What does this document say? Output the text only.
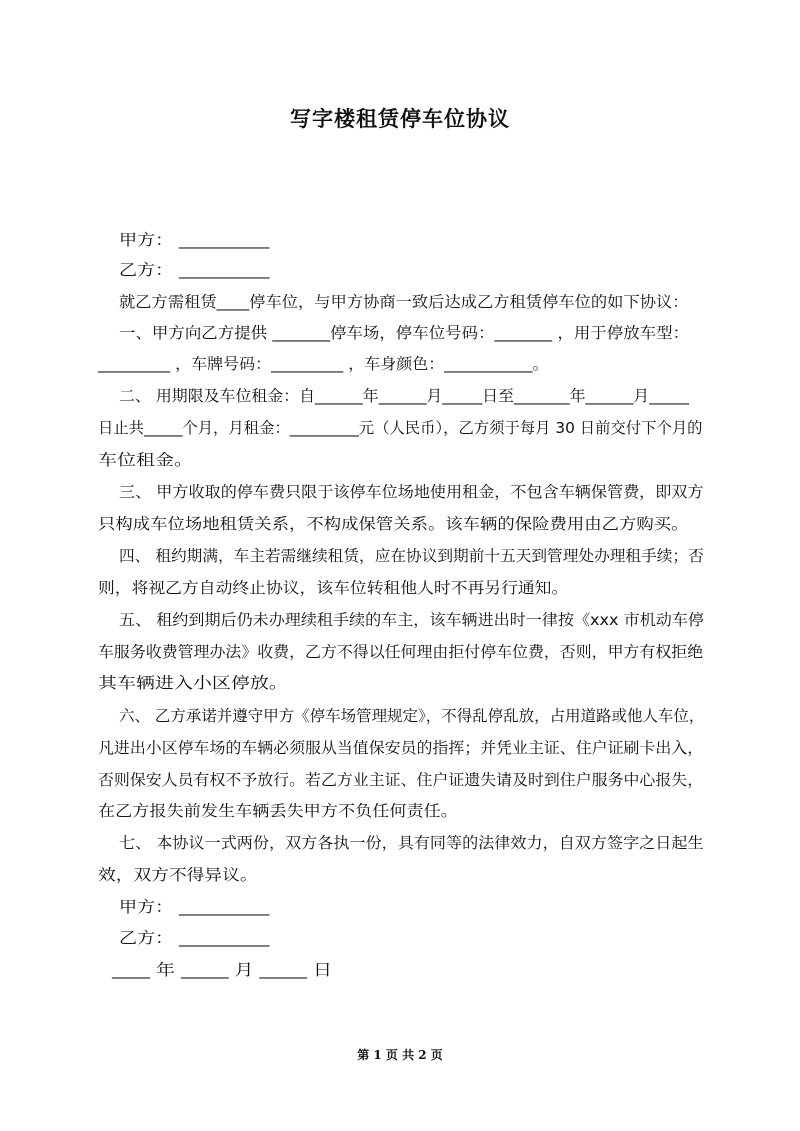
写字楼租赁停车位协议
甲方： __________
乙方： __________
就乙方需租赁____停车位，与甲方协商一致后达成乙方租赁停车位的如下协议：
一、甲方向乙方提供 _______停车场，停车位号码：_______ ，用于停放车型：
_________ ，车牌号码：_________ ，车身颜色：___________。
二、 用期限及车位租金：自______年______月_____日至_______年______月_____
日止共_____个月，月租金：_________元（人民币），乙方须于每月 30 日前交付下个月的
车位租金。
三、 甲方收取的停车费只限于该停车位场地使用租金，不包含车辆保管费，即双方
只构成车位场地租赁关系，不构成保管关系。该车辆的保险费用由乙方购买。
四、 租约期满，车主若需继续租赁，应在协议到期前十五天到管理处办理租手续；否
则，将视乙方自动终止协议，该车位转租他人时不再另行通知。
五、 租约到期后仍未办理续租手续的车主，该车辆进出时一律按《xxx 市机动车停
车服务收费管理办法》收费，乙方不得以任何理由拒付停车位费，否则，甲方有权拒绝
其车辆进入小区停放。
六、 乙方承诺并遵守甲方《停车场管理规定》，不得乱停乱放，占用道路或他人车位，
凡进出小区停车场的车辆必须服从当值保安员的指挥；并凭业主证、住户证刷卡出入，
否则保安人员有权不予放行。若乙方业主证、住户证遗失请及时到住户服务中心报失，
在乙方报失前发生车辆丢失甲方不负任何责任。
七、 本协议一式两份，双方各执一份，具有同等的法律效力，自双方签字之日起生
效，双方不得异议。
甲方： __________
乙方： __________
____ 年 _____ 月 _____ 日
第 1 页 共 2 页
